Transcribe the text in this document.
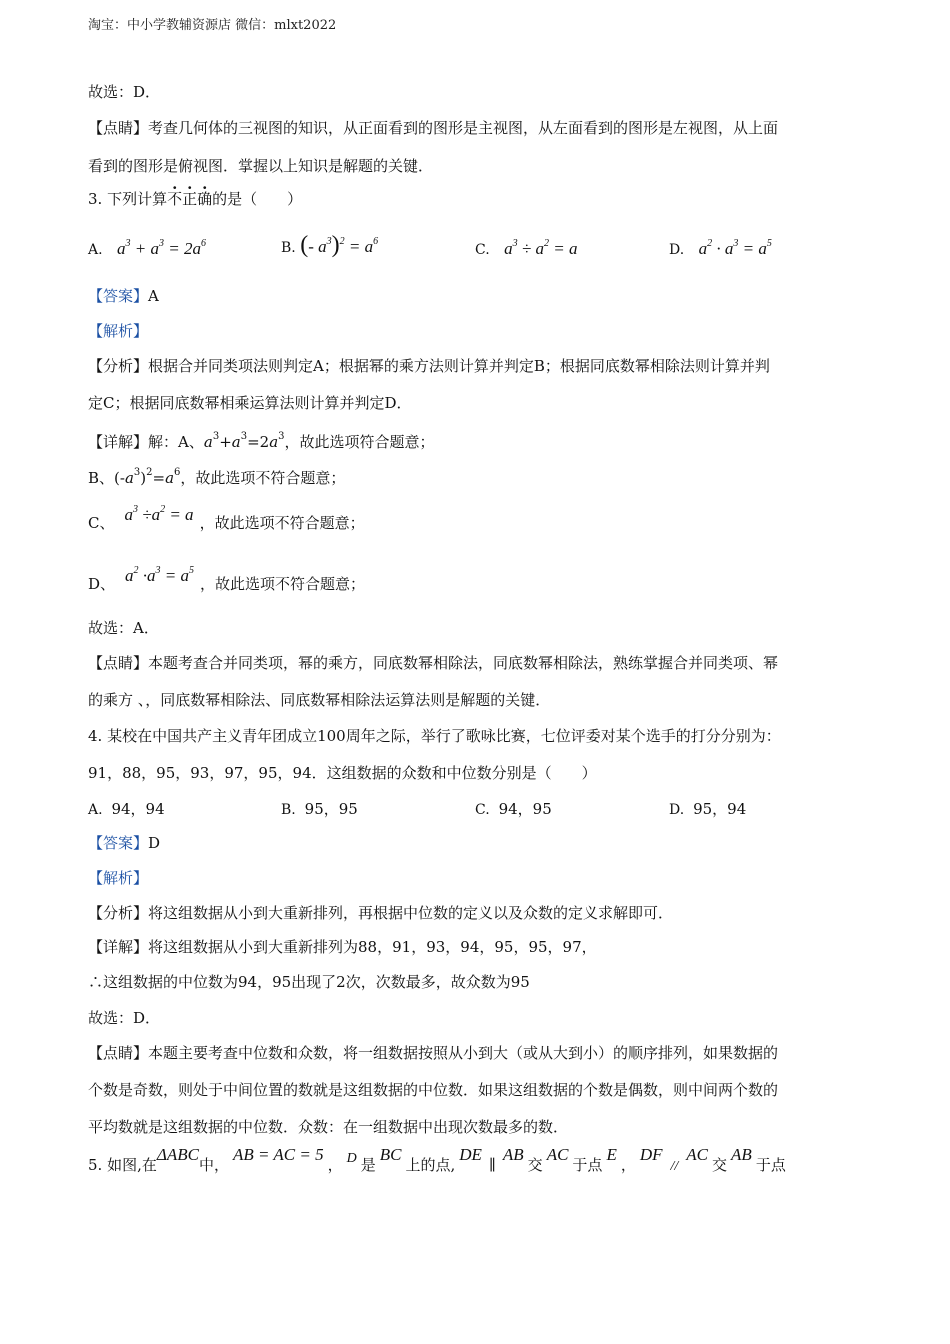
淘宝：中小学教辅资源店 微信：mlxt2022
故选：D．
【点睛】考查几何体的三视图的知识，从正面看到的图形是主视图，从左面看到的图形是左视图，从上面
看到的图形是俯视图．掌握以上知识是解题的关键．
3. 下列计算不正确的是（　　）
A. $a^3 + a^3 = 2a^6$	B. (- $a^3)^2 = a^6$
C. $a^3 \div a^2 = a$	D. $a^2 \cdot a^3 = a^5$
【答案】A
【解析】
【分析】根据合并同类项法则判定A；根据幂的乘方法则计算并判定B；根据同底数幂相除法则计算并判
定C；根据同底数幂相乘运算法则计算并判定D．
【详解】解：A、$a^3+a^3=2a^3$，故此选项符合题意；
B、$(-a^3)^2=a^6$，故此选项不符合题意；
C、 $a^3 \div a^2 = a$ ，故此选项不符合题意；
D、 $a^2 \cdot a^3 = a^5$，故此选项不符合题意；
故选：A．
【点睛】本题考查合并同类项，幂的乘方，同底数幂相除法，同底数幂相除法，熟练掌握合并同类项、幂
的乘方 、，同底数幂相除法、同底数幂相除法运算法则是解题的关键．
4. 某校在中国共产主义青年团成立100周年之际，举行了歌咏比赛，七位评委对某个选手的打分分别为：
91，88，95，93，97，95，94．这组数据的众数和中位数分别是（　　）
A. 94，94	B. 95，95	C. 94，95	D. 95，94
【答案】D
【解析】
【分析】将这组数据从小到大重新排列，再根据中位数的定义以及众数的定义求解即可．
【详解】将这组数据从小到大重新排列为88，91，93，94，95，95，97，
∴这组数据的中位数为94，95出现了2次，次数最多，故众数为95
故选：D．
【点睛】本题主要考查中位数和众数，将一组数据按照从小到大（或从大到小）的顺序排列，如果数据的
个数是奇数，则处于中间位置的数就是这组数据的中位数．如果这组数据的个数是偶数，则中间两个数的
平均数就是这组数据的中位数．众数：在一组数据中出现次数最多的数．
5. 如图,在ΔABC中，AB = AC = 5， D 是BC上的点,DE∥AB交AC于点E，DF//AC交AB于点
